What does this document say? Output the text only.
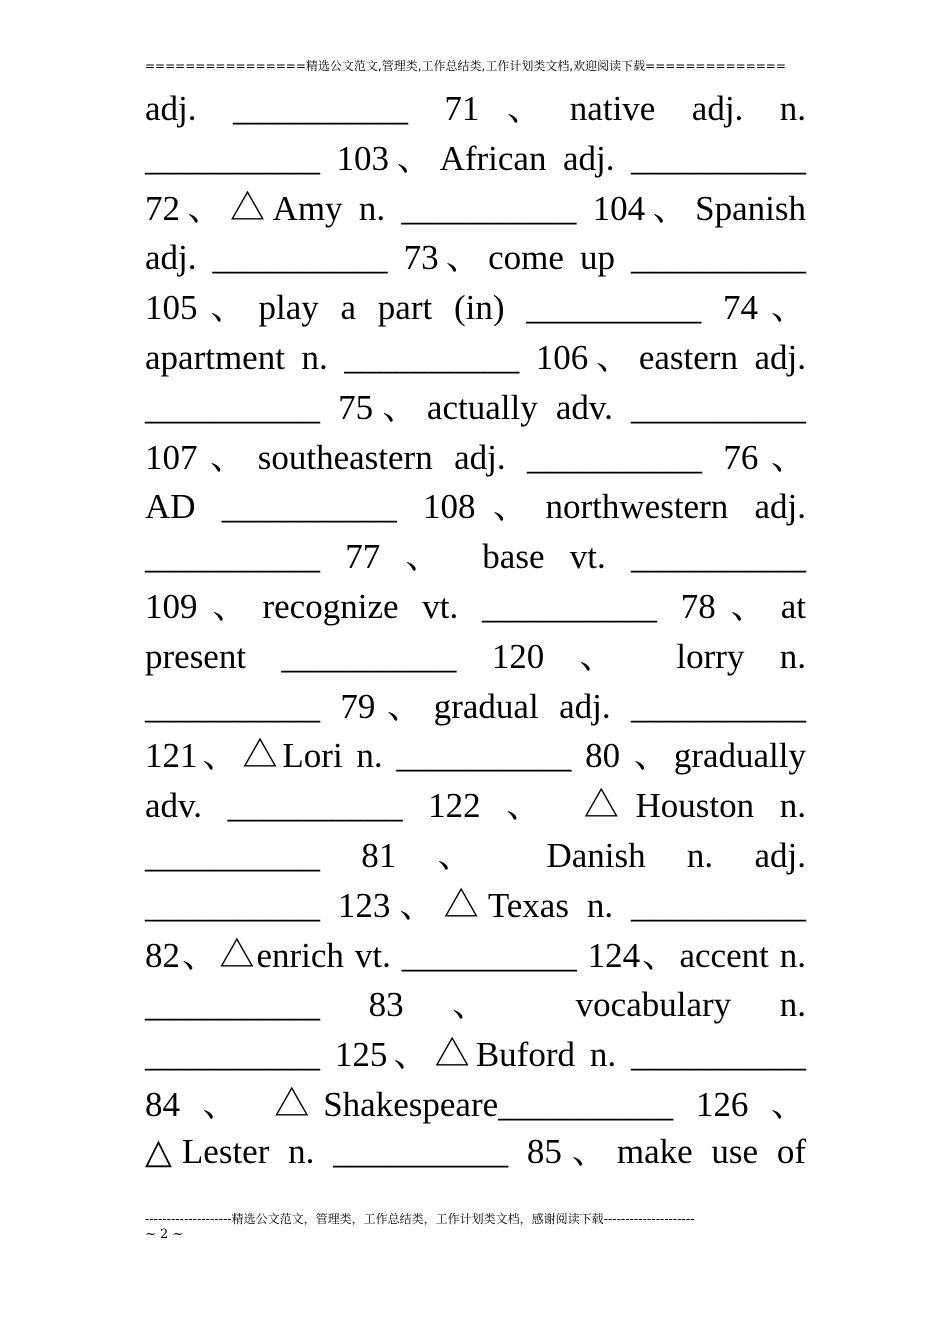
================精选公文范文,管理类,工作总结类,工作计划类文档,欢迎阅读下载==============
adj. __________ 71、native adj. n.
__________ 103、African adj. __________
72、△Amy n. __________ 104、Spanish
adj. __________ 73、come up __________
105、play a part (in) __________ 74、
apartment n. __________ 106、eastern adj.
__________ 75、actually adv. __________
107、southeastern adj. __________ 76、
AD __________ 108、northwestern adj.
__________ 77 、 base vt. __________
109、recognize vt. __________ 78、at
present __________ 120 、 lorry n.
__________ 79、gradual adj. __________
121、△Lori n. __________ 80 、gradually
adv. __________ 122 、 △Houston n.
__________ 81 、 Danish n. adj.
__________ 123、△Texas n. __________
82、△enrich vt. __________ 124、accent n.
__________ 83 、 vocabulary n.
__________ 125、△Buford n. __________
84 、 △Shakespeare__________ 126 、
△Lester n. __________ 85、make use of
--------------------精选公文范文，管理类，工作总结类，工作计划类文档，感谢阅读下载---------------------
~ 2 ~
